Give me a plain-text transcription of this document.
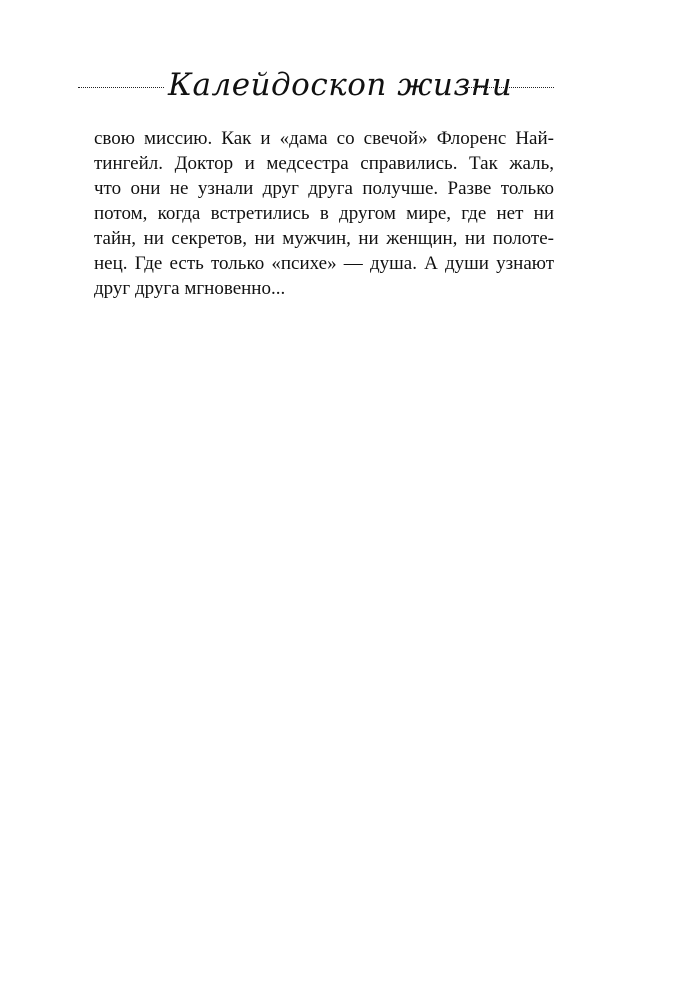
Калейдоскоп жизни
свою миссию. Как и «дама со свечой» Флоренс Най-
тингейл. Доктор и медсестра справились. Так жаль,
что они не узнали друг друга получше. Разве только
потом, когда встретились в другом мире, где нет ни
тайн, ни секретов, ни мужчин, ни женщин, ни полоте-
нец. Где есть только «психе» — душа. А души узнают
друг друга мгновенно...
